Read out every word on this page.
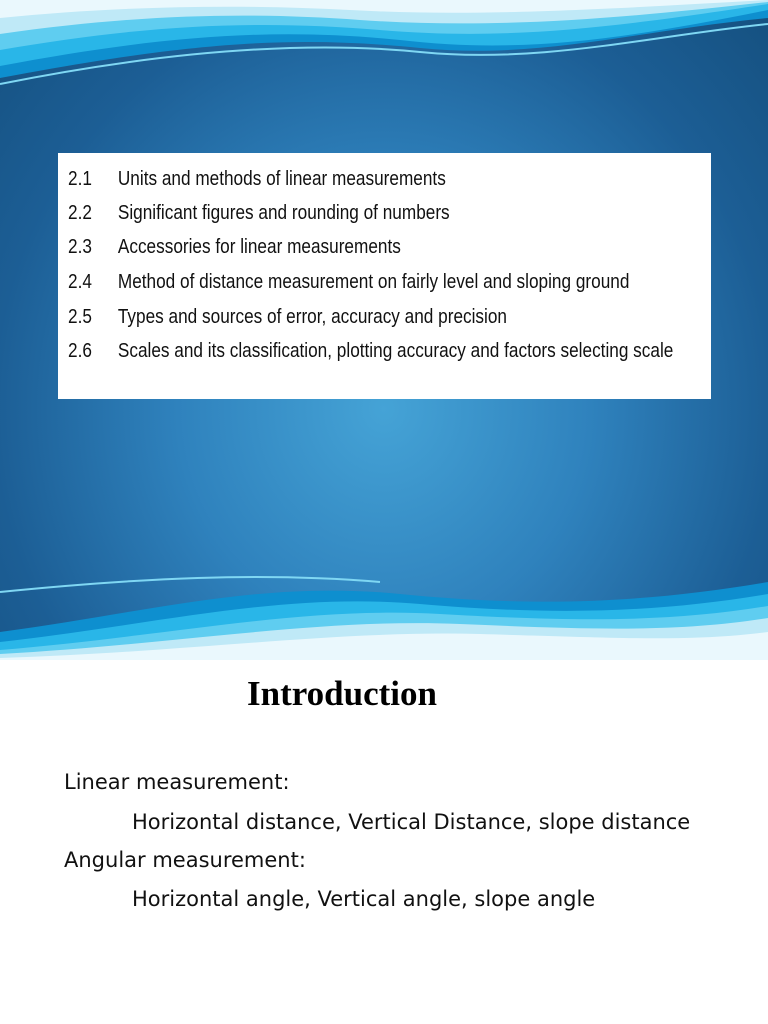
2.1 Units and methods of linear measurements
2.2 Significant figures and rounding of numbers
2.3 Accessories for linear measurements
2.4 Method of distance measurement on fairly level and sloping ground
2.5 Types and sources of error, accuracy and precision
2.6 Scales and its classification, plotting accuracy and factors selecting scale
Introduction
Linear measurement:
Horizontal distance, Vertical Distance, slope distance
Angular measurement:
Horizontal angle, Vertical angle, slope angle
